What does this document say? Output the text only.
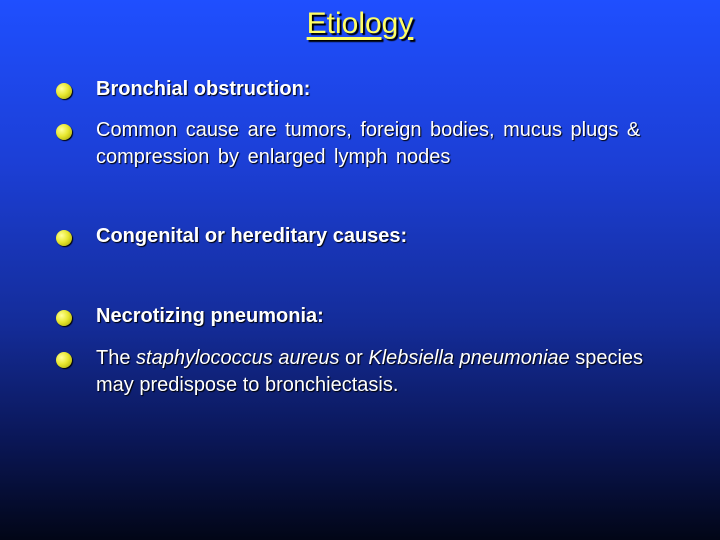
Etiology
Bronchial obstruction:
Common cause are tumors, foreign bodies, mucus plugs & compression by enlarged lymph nodes
Congenital or hereditary causes:
Necrotizing pneumonia:
The staphylococcus aureus or Klebsiella pneumoniae species may predispose to bronchiectasis.
